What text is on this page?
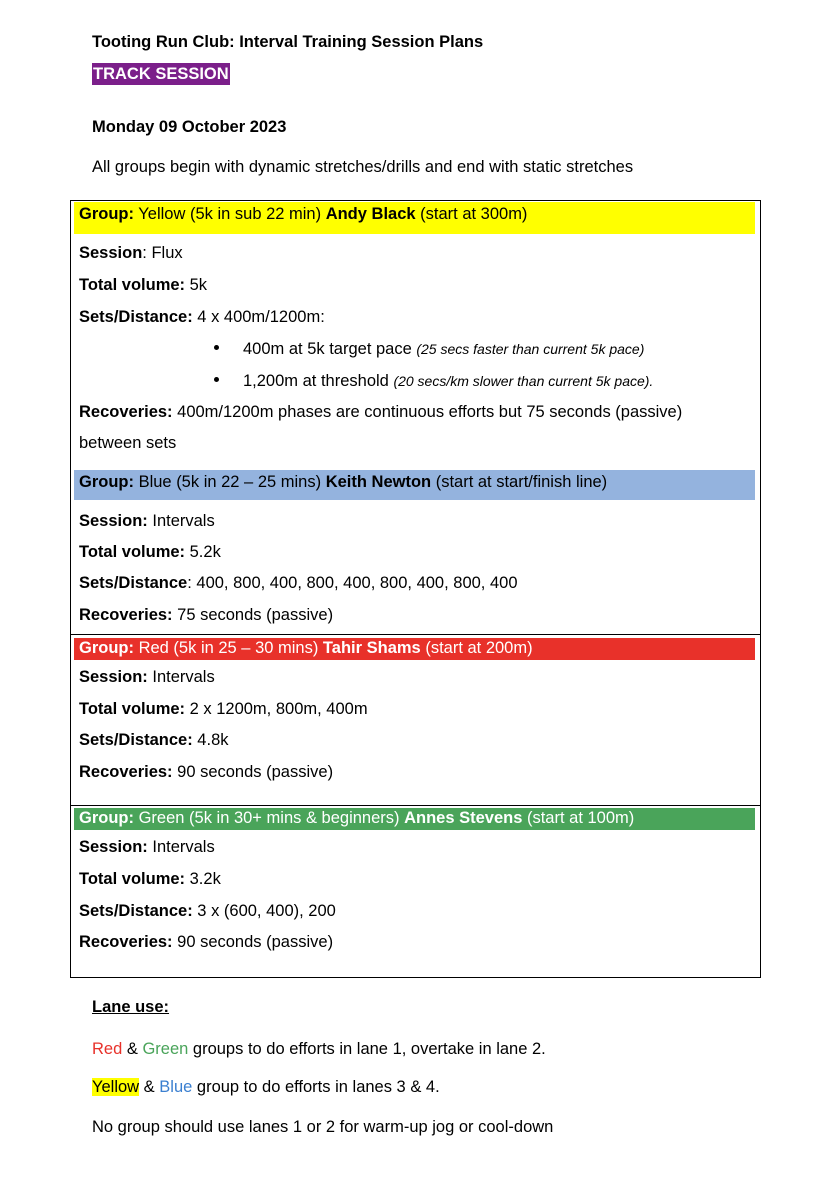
Tooting Run Club: Interval Training Session Plans
TRACK SESSION
Monday 09 October 2023
All groups begin with dynamic stretches/drills and end with static stretches
Group: Yellow (5k in sub 22 min) Andy Black (start at 300m)
Session: Flux
Total volume: 5k
Sets/Distance: 4 x 400m/1200m:
400m at 5k target pace (25 secs faster than current 5k pace)
1,200m at threshold (20 secs/km slower than current 5k pace).
Recoveries: 400m/1200m phases are continuous efforts but 75 seconds (passive)
between sets
Group: Blue (5k in 22 – 25 mins) Keith Newton (start at start/finish line)
Session: Intervals
Total volume: 5.2k
Sets/Distance: 400, 800, 400, 800, 400, 800, 400, 800, 400
Recoveries: 75 seconds (passive)
Group: Red (5k in 25 – 30 mins) Tahir Shams (start at 200m)
Session: Intervals
Total volume: 2 x 1200m, 800m, 400m
Sets/Distance: 4.8k
Recoveries: 90 seconds (passive)
Group: Green (5k in 30+ mins & beginners) Annes Stevens (start at 100m)
Session: Intervals
Total volume: 3.2k
Sets/Distance: 3 x (600, 400), 200
Recoveries: 90 seconds (passive)
Lane use:
Red & Green groups to do efforts in lane 1, overtake in lane 2.
Yellow & Blue group to do efforts in lanes 3 & 4.
No group should use lanes 1 or 2 for warm-up jog or cool-down
